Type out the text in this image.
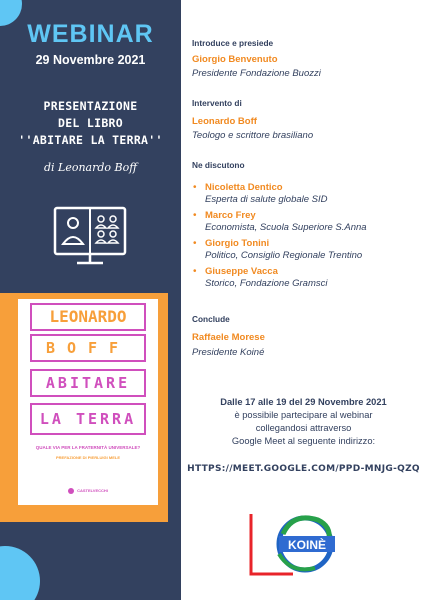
WEBINAR
29 Novembre 2021
PRESENTAZIONE
DEL LIBRO
''ABITARE LA TERRA''
di Leonardo Boff
LEONARDO
BOFF
ABITARE
LA TERRA
QUALE VIA PER LA FRATERNITÀ UNIVERSALE?
PREFAZIONE DI PIERLUIGI MELE
CASTELVECCHI
Introduce e presiede
Giorgio Benvenuto
Presidente Fondazione Buozzi
Intervento di
Leonardo Boff
Teologo e scrittore brasiliano
Ne discutono
• Nicoletta Dentico
Esperta di salute globale SID
• Marco Frey
Economista, Scuola Superiore S.Anna
• Giorgio Tonini
Politico, Consiglio Regionale Trentino
• Giuseppe Vacca
Storico, Fondazione Gramsci
Conclude
Raffaele Morese
Presidente Koiné
Dalle 17 alle 19 del 29 Novembre 2021
è possibile partecipare al webinar
collegandosi attraverso
Google Meet al seguente indirizzo:
HTTPS://MEET.GOOGLE.COM/PPD-MNJG-QZQ
KOINÈ
